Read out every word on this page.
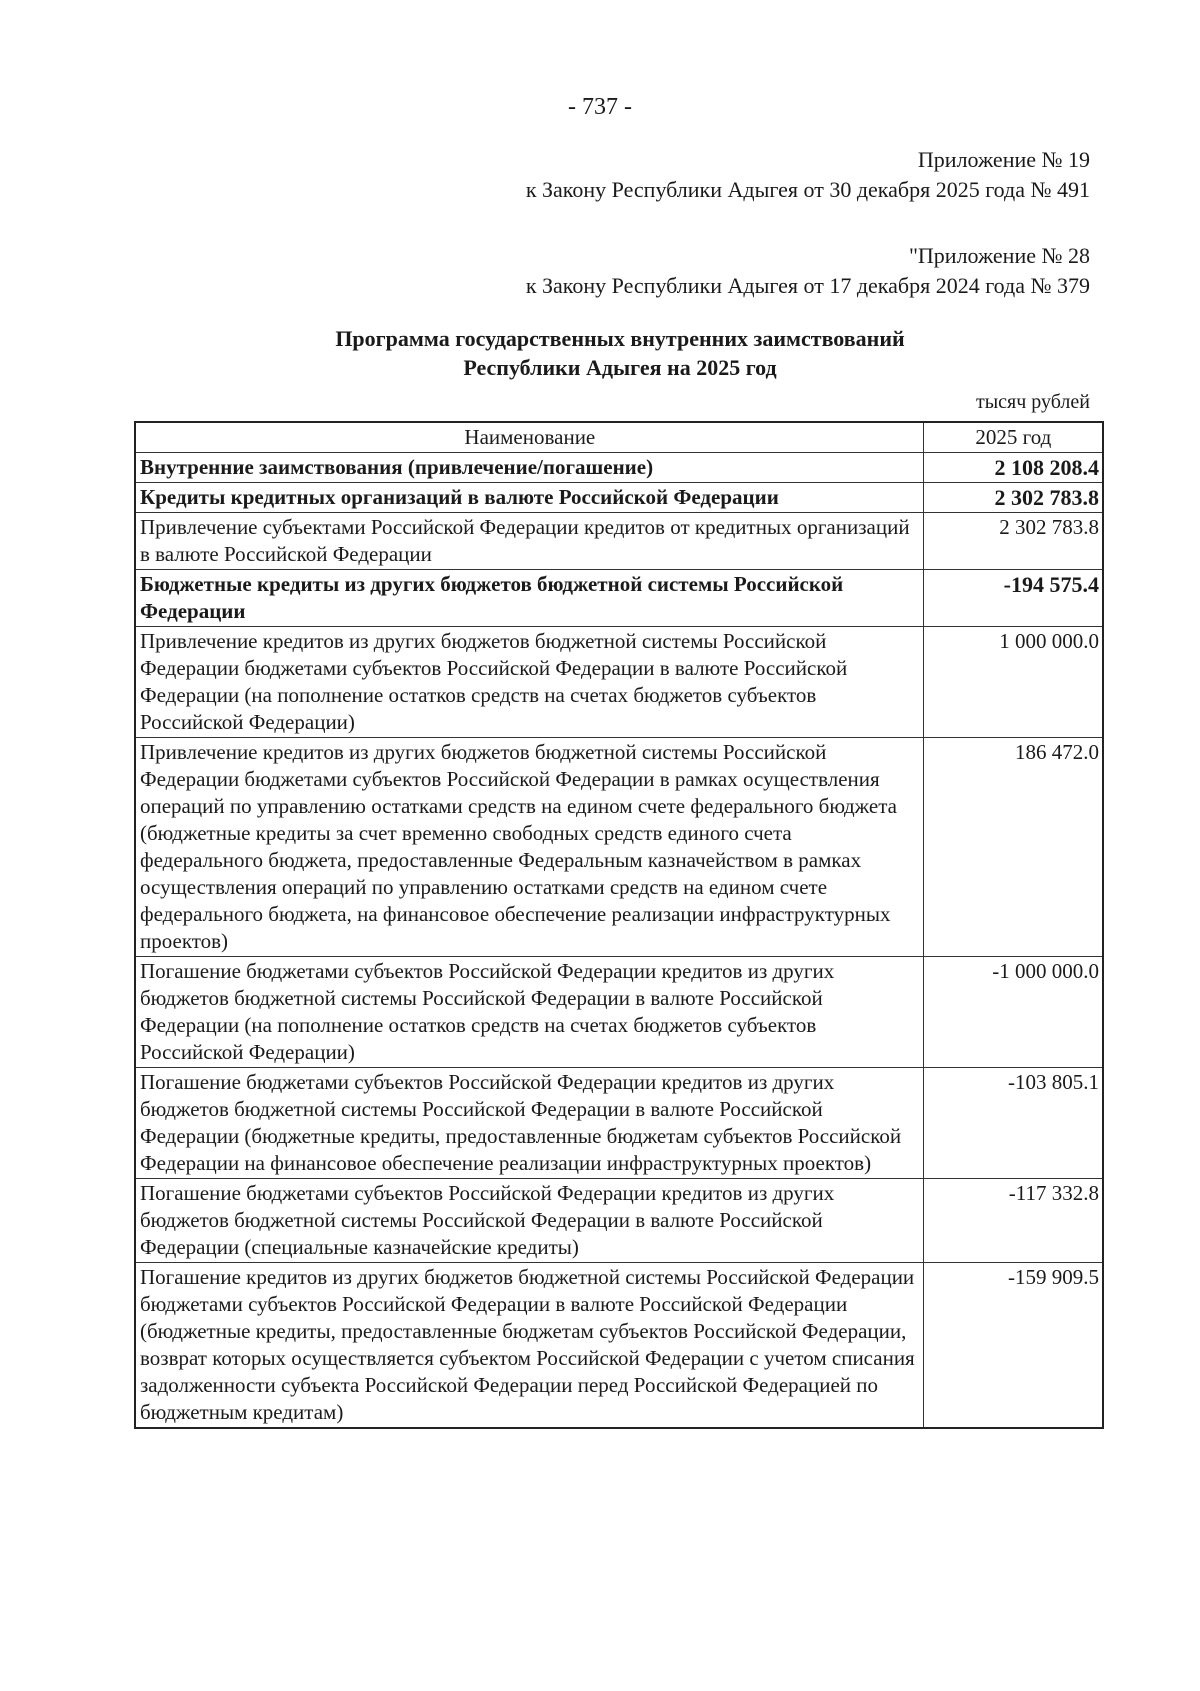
- 737 -
Приложение № 19
к Закону Республики Адыгея от 30 декабря 2025 года № 491
"Приложение № 28
к Закону Республики Адыгея от 17 декабря 2024 года № 379
Программа государственных внутренних заимствований
Республики Адыгея на 2025 год
тысяч рублей
Наименование	2025 год
Внутренние заимствования (привлечение/погашение)	2 108 208.4
Кредиты кредитных организаций в валюте Российской Федерации	2 302 783.8
Привлечение субъектами Российской Федерации кредитов от кредитных организаций в валюте Российской Федерации	2 302 783.8
Бюджетные кредиты из других бюджетов бюджетной системы Российской Федерации	-194 575.4
Привлечение кредитов из других бюджетов бюджетной системы Российской Федерации бюджетами субъектов Российской Федерации в валюте Российской Федерации (на пополнение остатков средств на счетах бюджетов субъектов Российской Федерации)	1 000 000.0
Привлечение кредитов из других бюджетов бюджетной системы Российской Федерации бюджетами субъектов Российской Федерации в рамках осуществления операций по управлению остатками средств на едином счете федерального бюджета (бюджетные кредиты за счет временно свободных средств единого счета федерального бюджета, предоставленные Федеральным казначейством в рамках осуществления операций по управлению остатками средств на едином счете федерального бюджета, на финансовое обеспечение реализации инфраструктурных проектов)	186 472.0
Погашение бюджетами субъектов Российской Федерации кредитов из других бюджетов бюджетной системы Российской Федерации в валюте Российской Федерации (на пополнение остатков средств на счетах бюджетов субъектов Российской Федерации)	-1 000 000.0
Погашение бюджетами субъектов Российской Федерации кредитов из других бюджетов бюджетной системы Российской Федерации в валюте Российской Федерации (бюджетные кредиты, предоставленные бюджетам субъектов Российской Федерации на финансовое обеспечение реализации инфраструктурных проектов)	-103 805.1
Погашение бюджетами субъектов Российской Федерации кредитов из других бюджетов бюджетной системы Российской Федерации в валюте Российской Федерации (специальные казначейские кредиты)	-117 332.8
Погашение кредитов из других бюджетов бюджетной системы Российской Федерации бюджетами субъектов Российской Федерации в валюте Российской Федерации (бюджетные кредиты, предоставленные бюджетам субъектов Российской Федерации, возврат которых осуществляется субъектом Российской Федерации с учетом списания задолженности субъекта Российской Федерации перед Российской Федерацией по бюджетным кредитам)	-159 909.5
